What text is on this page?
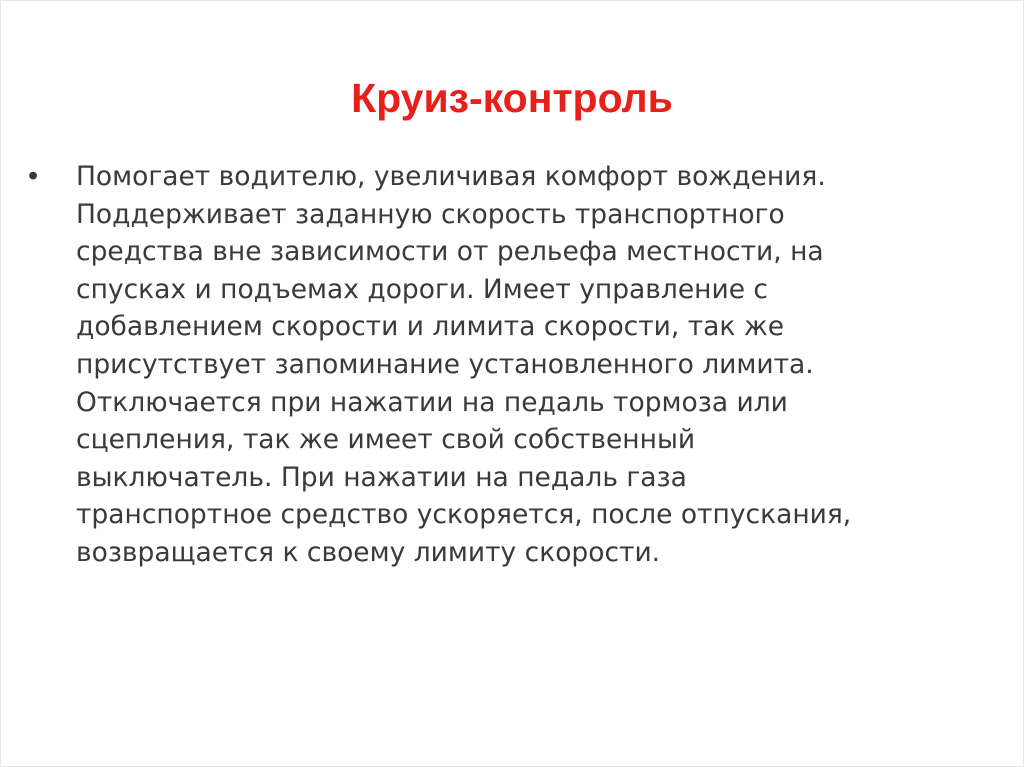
Круиз-контроль
• Помогает водителю, увеличивая комфорт вождения.
Поддерживает заданную скорость транспортного
средства вне зависимости от рельефа местности, на
спусках и подъемах дороги. Имеет управление с
добавлением скорости и лимита скорости, так же
присутствует запоминание установленного лимита.
Отключается при нажатии на педаль тормоза или
сцепления, так же имеет свой собственный
выключатель. При нажатии на педаль газа
транспортное средство ускоряется, после отпускания,
возвращается к своему лимиту скорости.
